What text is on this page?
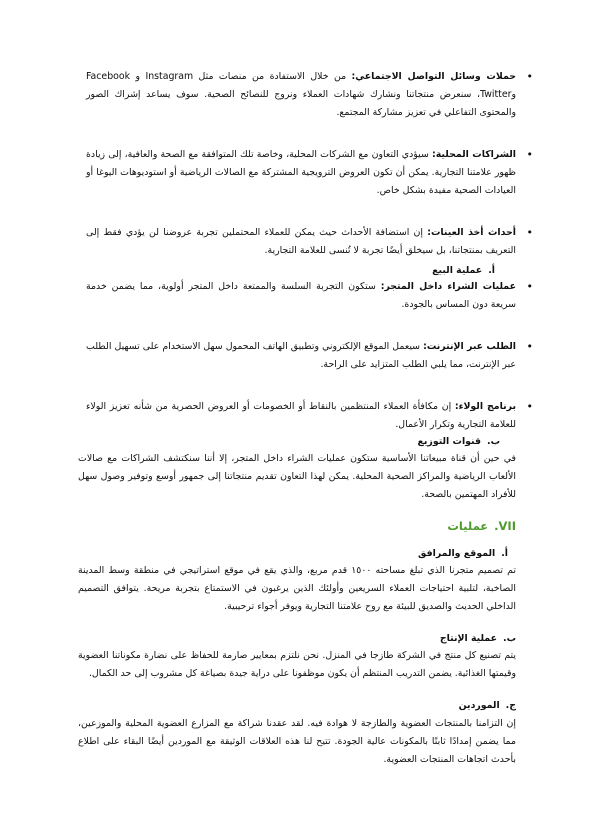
• حملات وسائل التواصل الاجتماعي: من خلال الاستفادة من منصات مثل Instagram و Facebook وTwitter، سنعرض منتجاتنا ونشارك شهادات العملاء ونروج للنصائح الصحية. سوف يساعد إشراك الصور والمحتوى التفاعلي في تعزيز مشاركة المجتمع.
• الشراكات المحلية: سيؤدي التعاون مع الشركات المحلية، وخاصة تلك المتوافقة مع الصحة والعافية، إلى زيادة ظهور علامتنا التجارية. يمكن أن تكون العروض الترويجية المشتركة مع الصالات الرياضية أو استوديوهات اليوغا أو العيادات الصحية مفيدة بشكل خاص.
• أحداث أخذ العينات: إن استضافة الأحداث حيث يمكن للعملاء المحتملين تجربة عروضنا لن يؤدي فقط إلى التعريف بمنتجاتنا، بل سيخلق أيضًا تجربة لا تُنسى للعلامة التجارية.
أ.عملية البيع
• عمليات الشراء داخل المتجر: ستكون التجربة السلسة والممتعة داخل المتجر أولوية، مما يضمن خدمة سريعة دون المساس بالجودة.
• الطلب عبر الإنترنت: سيعمل الموقع الإلكتروني وتطبيق الهاتف المحمول سهل الاستخدام على تسهيل الطلب عبر الإنترنت، مما يلبي الطلب المتزايد على الراحة.
• برنامج الولاء: إن مكافأة العملاء المنتظمين بالنقاط أو الخصومات أو العروض الحصرية من شأنه تعزيز الولاء للعلامة التجارية وتكرار الأعمال.
ب.قنوات التوزيع

في حين أن قناة مبيعاتنا الأساسية ستكون عمليات الشراء داخل المتجر، إلا أننا سنكتشف الشراكات مع صالات الألعاب الرياضية والمراكز الصحية المحلية. يمكن لهذا التعاون تقديم منتجاتنا إلى جمهور أوسع وتوفير وصول سهل للأفراد المهتمين بالصحة.

VII.عمليات
أ.الموقع والمرافق

تم تصميم متجرنا الذي تبلغ مساحته ١٥٠٠ قدم مربع، والذي يقع في موقع استراتيجي في منطقة وسط المدينة الصاخبة، لتلبية احتياجات العملاء السريعين وأولئك الذين يرغبون في الاستمتاع بتجربة مريحة. يتوافق التصميم الداخلي الحديث والصديق للبيئة مع روح علامتنا التجارية ويوفر أجواء ترحيبية.

ب.عملية الإنتاج

يتم تصنيع كل منتج في الشركة طازجا في المنزل. نحن نلتزم بمعايير صارمة للحفاظ على نضارة مكوناتنا العضوية وقيمتها الغذائية. يضمن التدريب المنتظم أن يكون موظفونا على دراية جيدة بصياغة كل مشروب إلى حد الكمال.

ج.الموردين

إن التزامنا بالمنتجات العضوية والطازجة لا هوادة فيه. لقد عقدنا شراكة مع المزارع العضوية المحلية والموزعين، مما يضمن إمدادًا ثابتًا بالمكونات عالية الجودة. تتيح لنا هذه العلاقات الوثيقة مع الموردين أيضًا البقاء على اطلاع بأحدث اتجاهات المنتجات العضوية.
